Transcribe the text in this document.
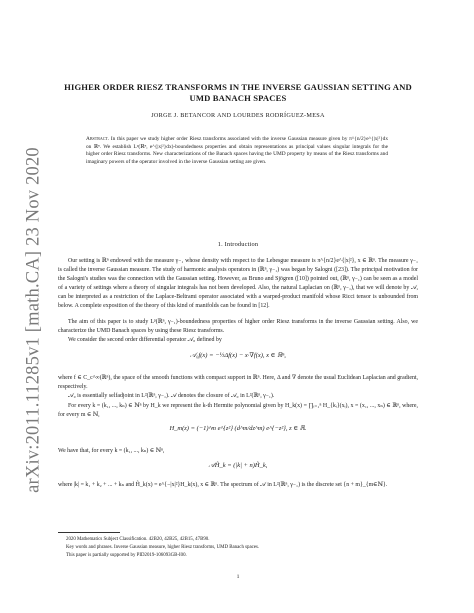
arXiv:2011.11285v1 [math.CA] 23 Nov 2020
HIGHER ORDER RIESZ TRANSFORMS IN THE INVERSE GAUSSIAN SETTING AND
UMD BANACH SPACES
JORGE J. BETANCOR AND LOURDES RODRÍGUEZ-MESA
Abstract. In this paper we study higher order Riesz transforms associated with the inverse Gaussian measure given by π^{n/2}e^{|x|²}dx on ℝⁿ. We establish Lᵖ(ℝⁿ, e^{|x|²}dx)-boundedness properties and obtain representations as principal values singular integrals for the higher order Riesz transforms. New characterizations of the Banach spaces having the UMD property by means of the Riesz transforms and imaginary powers of the operator involved in the inverse Gaussian setting are given.
1. Introduction

Our setting is ℝⁿ endowed with the measure γ₋₁ whose density with respect to the Lebesgue measure is π^{n/2}e^{|x|²}, x ∈ ℝⁿ. The measure γ₋₁ is called the inverse Gaussian measure. The study of harmonic analysis operators in (ℝⁿ, γ₋₁) was began by Salogni ([23]). The principal motivation for the Salogni's studies was the connection with the Gaussian setting. However, as Bruno and Sjögren ([10]) pointed out, (ℝⁿ, γ₋₁) can be seen as a model of a variety of settings where a theory of singular integrals has not been developed. Also, the natural Laplacian on (ℝⁿ, γ₋₁), that we will denote by 𝒜, can be interpreted as a restriction of the Laplace-Beltrami operator associated with a warped-product manifold whose Ricci tensor is unbounded from below. A complete exposition of the theory of this kind of manifolds can be found in [12].

The aim of this paper is to study Lᵖ(ℝⁿ, γ₋₁)-boundedness properties of higher order Riesz transforms in the inverse Gaussian setting. Also, we characterize the UMD Banach spaces by using these Riesz transforms.

We consider the second order differential operator 𝒜₀ defined by

𝒜₀f(x) = −½Δf(x) − x·∇f(x), x ∈ ℝⁿ,

where f ∈ C_c^∞(ℝⁿ), the space of the smooth functions with compact support in ℝⁿ. Here, Δ and ∇ denote the usual Euclidean Laplacian and gradient, respectively.

𝒜₀ is essentially selfadjoint in L²(ℝⁿ, γ₋₁). 𝒜 denotes the closure of 𝒜₀ in L²(ℝⁿ, γ₋₁).

For every k = (k₁, ..., kₙ) ∈ ℕⁿ by H_k we represent the k-th Hermite polynomial given by H_k(x) = ∏ᵢ₌₁ⁿ H_{kᵢ}(xᵢ), x = (x₁, ..., xₙ) ∈ ℝⁿ, where, for every m ∈ ℕ,

H_m(z) = (−1)^m e^{z²} (d^m/dz^m) e^{−z²}, z ∈ ℝ.

We have that, for every k = (k₁, ..., kₙ) ∈ ℕⁿ,

𝒜H̃_k = (|k| + n)H̃_k,

where |k| = k₁ + k₂ + ... + kₙ and H̃_k(x) = e^{−|x|²}H_k(x), x ∈ ℝⁿ. The spectrum of 𝒜 in L²(ℝⁿ, γ₋₁) is the discrete set {n + m}_{m∈ℕ}.

2020 Mathematics Subject Classification. 42B20, 42B25, 42B15, 47B90.

Key words and phrases. Inverse Gaussian measure, higher Riesz transforms, UMD Banach spaces.

This paper is partially supported by PID2019-106093GB-I00.

1
